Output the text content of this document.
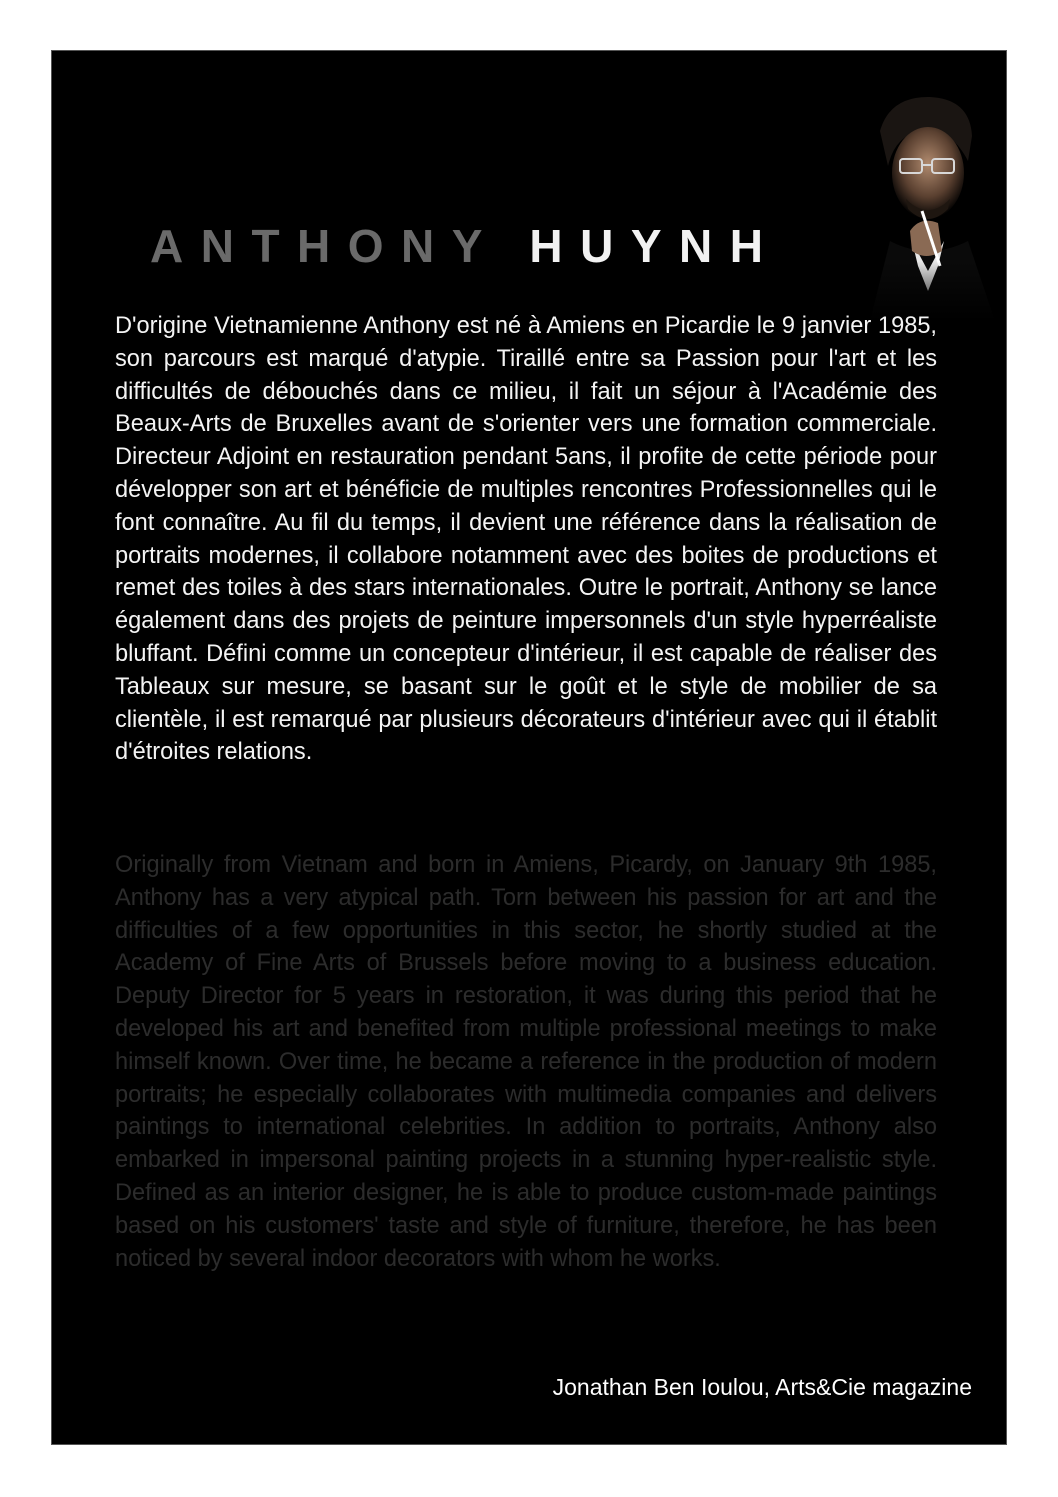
ANTHONY HUYNH

D'origine Vietnamienne Anthony est né à Amiens en Picardie le 9 janvier 1985, son parcours est marqué d'atypie. Tiraillé entre sa Passion pour l'art et les difficultés de débouchés dans ce milieu, il fait un séjour à l'Académie des Beaux-Arts de Bruxelles avant de s'orienter vers une formation commerciale. Directeur Adjoint en restauration pendant 5ans, il profite de cette période pour développer son art et bénéficie de multiples rencontres Professionnelles qui le font connaître. Au fil du temps, il devient une référence dans la réalisation de portraits modernes, il collabore notamment avec des boites de productions et remet des toiles à des stars internationales. Outre le portrait, Anthony se lance également dans des projets de peinture impersonnels d'un style hyperréaliste bluffant. Défini comme un concepteur d'intérieur, il est capable de réaliser des Tableaux sur mesure, se basant sur le goût et le style de mobilier de sa clientèle, il est remarqué par plusieurs décorateurs d'intérieur avec qui il établit d'étroites relations.

Originally from Vietnam and born in Amiens, Picardy, on January 9th 1985, Anthony has a very atypical path. Torn between his passion for art and the difficulties of a few opportunities in this sector, he shortly studied at the Academy of Fine Arts of Brussels before moving to a business education. Deputy Director for 5 years in restoration, it was during this period that he developed his art and benefited from multiple professional meetings to make himself known. Over time, he became a reference in the production of modern portraits; he especially collaborates with multimedia companies and delivers paintings to international celebrities. In addition to portraits, Anthony also embarked in impersonal painting projects in a stunning hyper-realistic style. Defined as an interior designer, he is able to produce custom-made paintings based on his customers' taste and style of furniture, therefore, he has been noticed by several indoor decorators with whom he works.

Jonathan Ben Ioulou, Arts&Cie magazine
